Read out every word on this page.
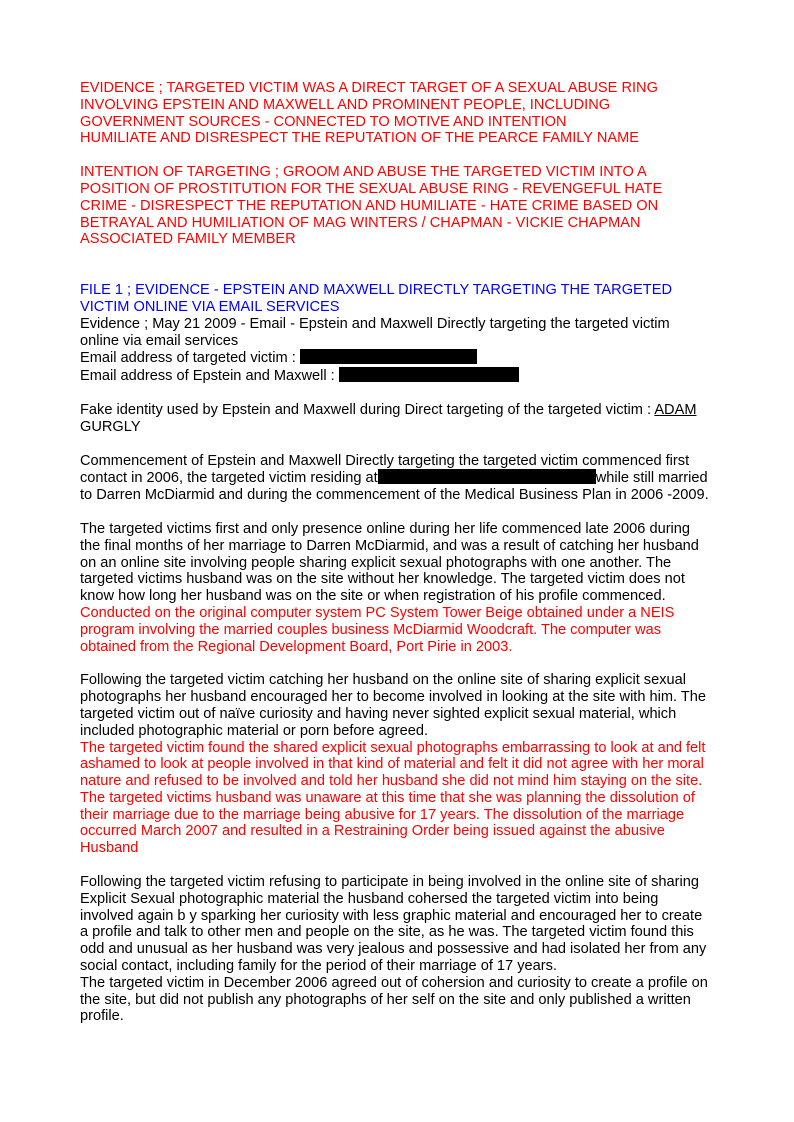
EVIDENCE ; TARGETED VICTIM WAS A DIRECT TARGET OF A SEXUAL ABUSE RING
INVOLVING EPSTEIN AND MAXWELL AND PROMINENT PEOPLE, INCLUDING
GOVERNMENT SOURCES - CONNECTED TO MOTIVE AND INTENTION
HUMILIATE AND DISRESPECT THE REPUTATION OF THE PEARCE FAMILY NAME
INTENTION OF TARGETING ; GROOM AND ABUSE THE TARGETED VICTIM INTO A
POSITION OF PROSTITUTION FOR THE SEXUAL ABUSE RING - REVENGEFUL HATE
CRIME - DISRESPECT THE REPUTATION AND HUMILIATE - HATE CRIME BASED ON
BETRAYAL AND HUMILIATION OF MAG WINTERS / CHAPMAN - VICKIE CHAPMAN
ASSOCIATED FAMILY MEMBER
FILE 1 ; EVIDENCE - EPSTEIN AND MAXWELL DIRECTLY TARGETING THE TARGETED
VICTIM ONLINE VIA EMAIL SERVICES
Evidence ; May 21 2009 - Email - Epstein and Maxwell Directly targeting the targeted victim
online via email services
Email address of targeted victim :
Email address of Epstein and Maxwell :
Fake identity used by Epstein and Maxwell during Direct targeting of the targeted victim : ADAM
GURGLY
Commencement of Epstein and Maxwell Directly targeting the targeted victim commenced first
contact in 2006, the targeted victim residing at	while still married
to Darren McDiarmid and during the commencement of the Medical Business Plan in 2006 -2009.
The targeted victims first and only presence online during her life commenced late 2006 during
the final months of her marriage to Darren McDiarmid, and was a result of catching her husband
on an online site involving people sharing explicit sexual photographs with one another. The
targeted victims husband was on the site without her knowledge. The targeted victim does not
know how long her husband was on the site or when registration of his profile commenced.
Conducted on the original computer system PC System Tower Beige obtained under a NEIS
program involving the married couples business McDiarmid Woodcraft. The computer was
obtained from the Regional Development Board, Port Pirie in 2003.
Following the targeted victim catching her husband on the online site of sharing explicit sexual
photographs her husband encouraged her to become involved in looking at the site with him. The
targeted victim out of naïve curiosity and having never sighted explicit sexual material, which
included photographic material or porn before agreed.
The targeted victim found the shared explicit sexual photographs embarrassing to look at and felt
ashamed to look at people involved in that kind of material and felt it did not agree with her moral
nature and refused to be involved and told her husband she did not mind him staying on the site.
The targeted victims husband was unaware at this time that she was planning the dissolution of
their marriage due to the marriage being abusive for 17 years. The dissolution of the marriage
occurred March 2007 and resulted in a Restraining Order being issued against the abusive
Husband
Following the targeted victim refusing to participate in being involved in the online site of sharing
Explicit Sexual photographic material the husband cohersed the targeted victim into being
involved again b y sparking her curiosity with less graphic material and encouraged her to create
a profile and talk to other men and people on the site, as he was. The targeted victim found this
odd and unusual as her husband was very jealous and possessive and had isolated her from any
social contact, including family for the period of their marriage of 17 years.
The targeted victim in December 2006 agreed out of cohersion and curiosity to create a profile on
the site, but did not publish any photographs of her self on the site and only published a written
profile.
